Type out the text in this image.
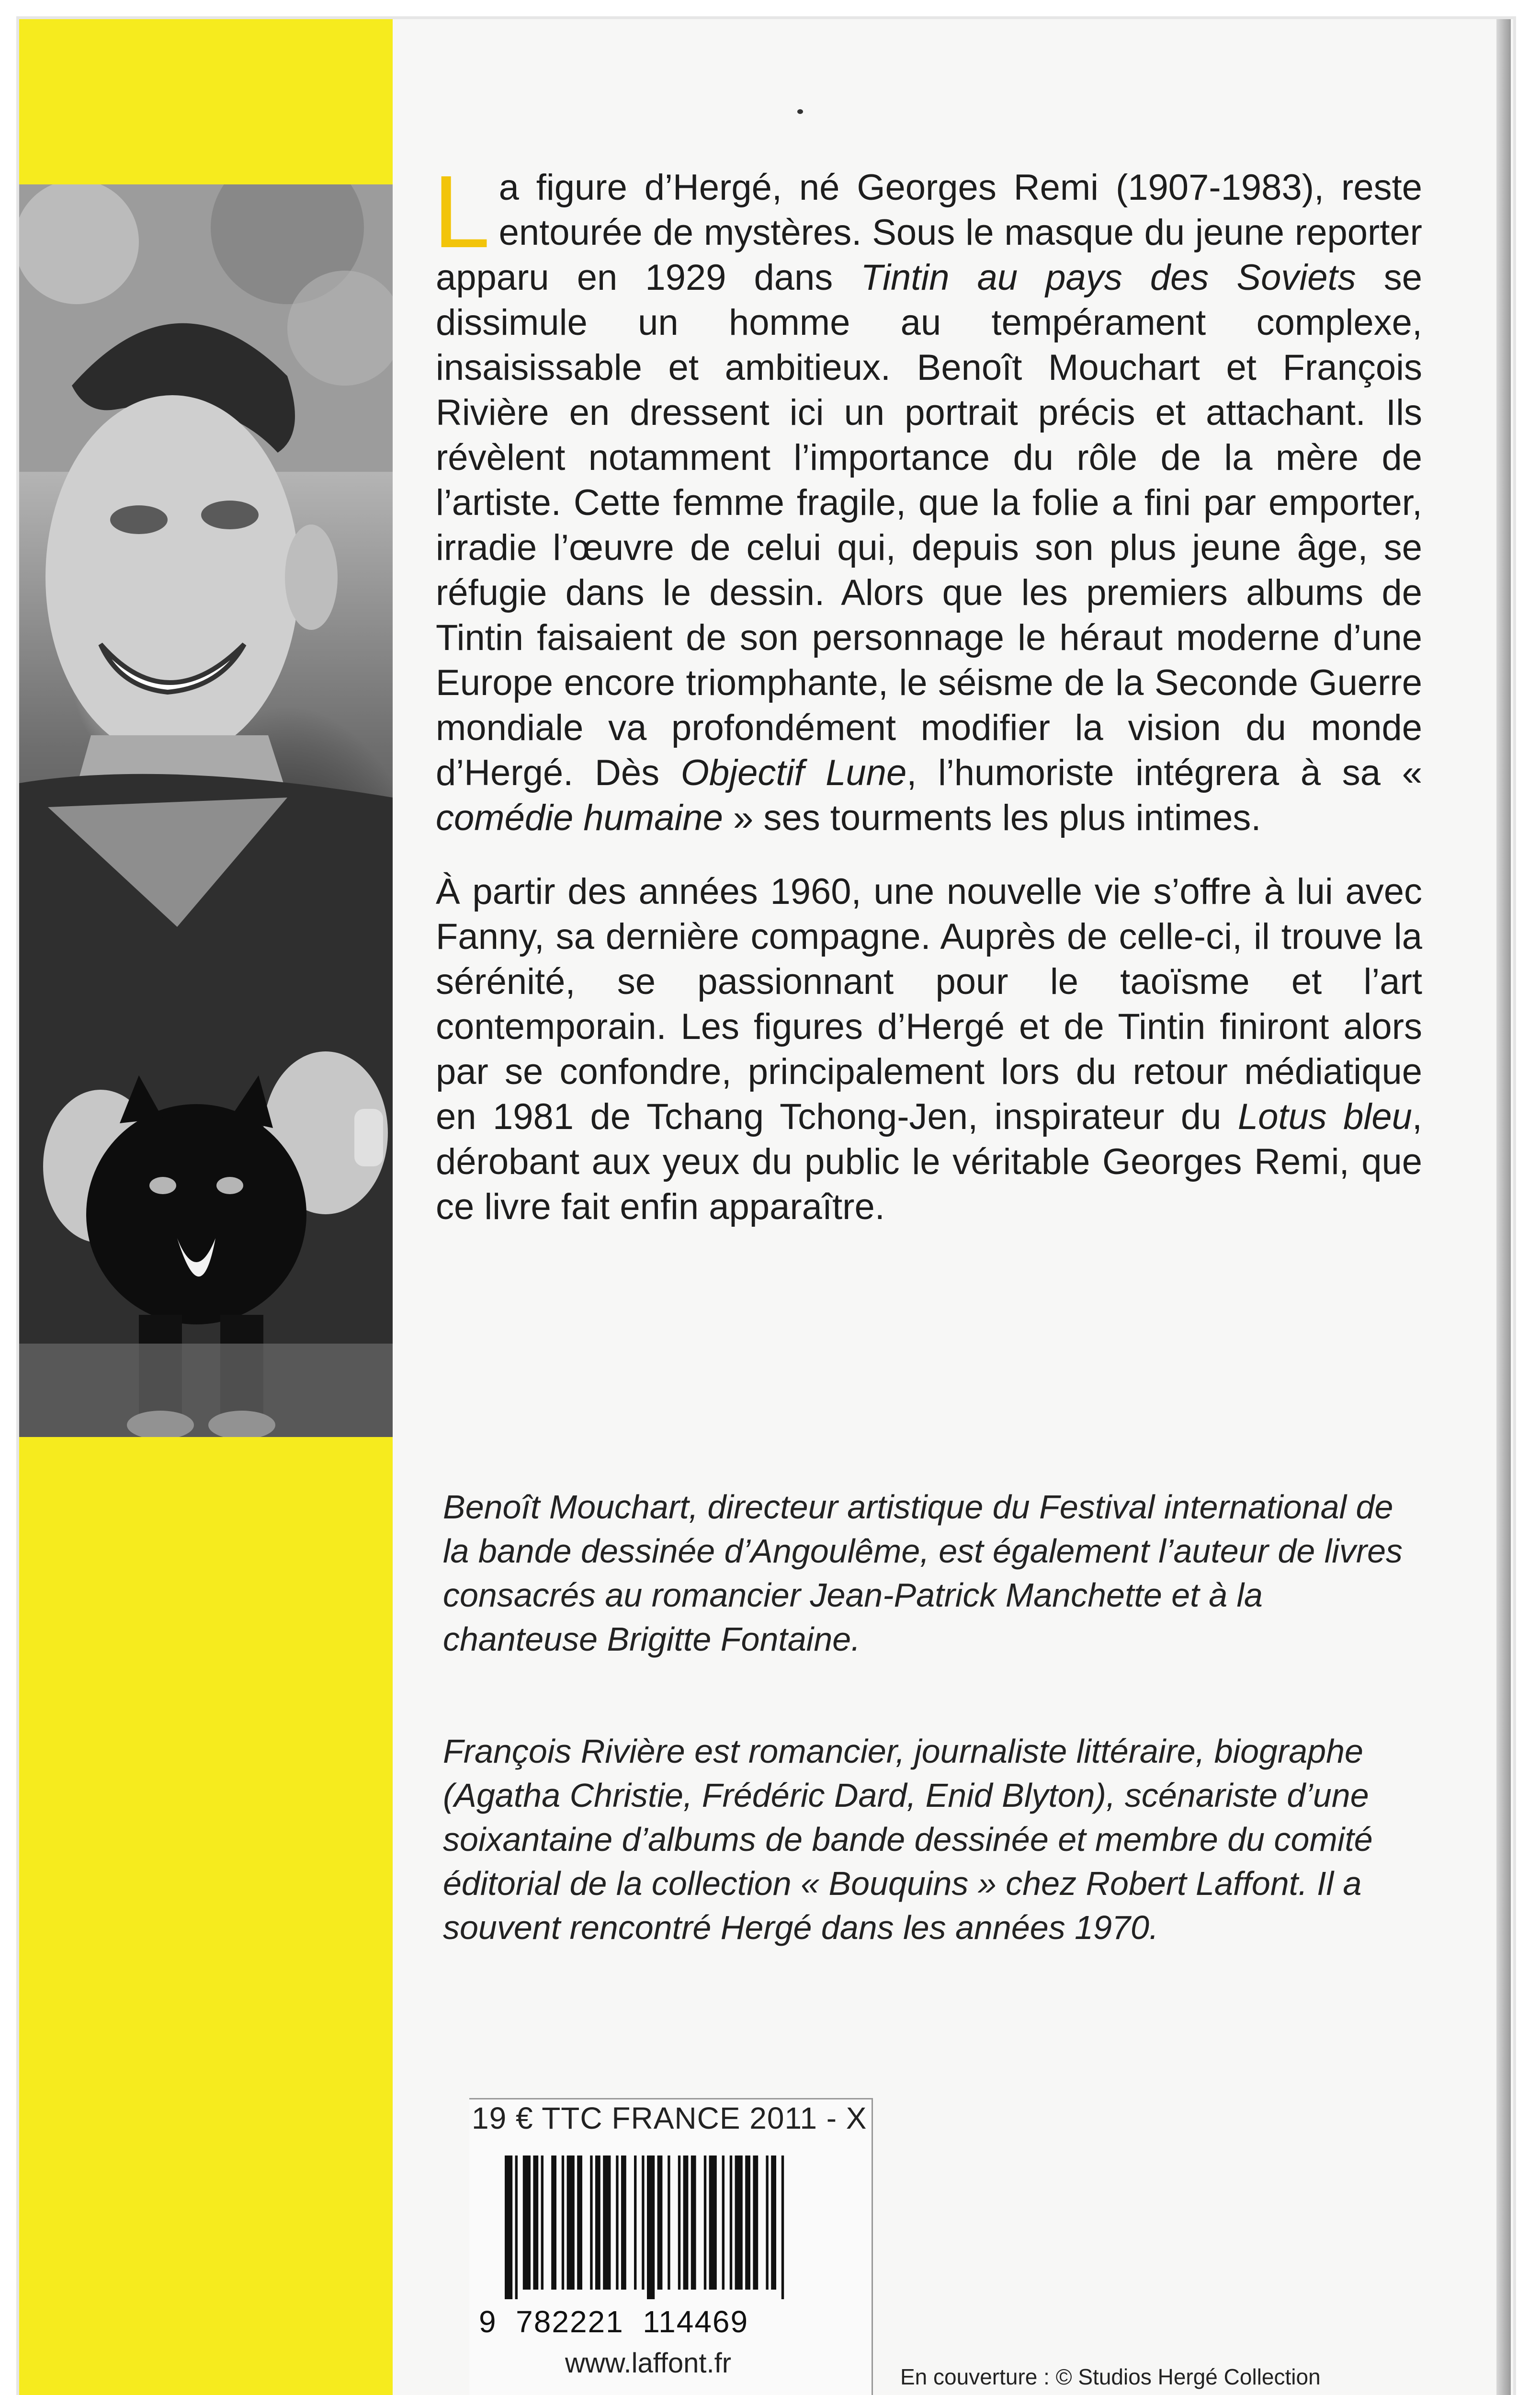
L a figure d’Hergé, né Georges Remi (1907-1983), reste entourée de mystères. Sous le masque du jeune reporter apparu en 1929 dans Tintin au pays des Soviets se dissimule un homme au tempérament complexe, insaisissable et ambitieux. Benoît Mouchart et François Rivière en dressent ici un portrait précis et attachant. Ils révèlent notamment l’importance du rôle de la mère de l’artiste. Cette femme fragile, que la folie a fini par emporter, irradie l’œuvre de celui qui, depuis son plus jeune âge, se réfugie dans le dessin. Alors que les premiers albums de Tintin faisaient de son personnage le héraut moderne d’une Europe encore triomphante, le séisme de la Seconde Guerre mondiale va profondément modifier la vision du monde d’Hergé. Dès Objectif Lune, l’humoriste intégrera à sa « comédie humaine » ses tourments les plus intimes.

À partir des années 1960, une nouvelle vie s’offre à lui avec Fanny, sa dernière compagne. Auprès de celle-ci, il trouve la sérénité, se passionnant pour le taoïsme et l’art contemporain. Les figures d’Hergé et de Tintin finiront alors par se confondre, principalement lors du retour médiatique en 1981 de Tchang Tchong-Jen, inspirateur du Lotus bleu, dérobant aux yeux du public le véritable Georges Remi, que ce livre fait enfin apparaître.

Benoît Mouchart, directeur artistique du Festival international de la bande dessinée d’Angoulême, est également l’auteur de livres consacrés au romancier Jean-Patrick Manchette et à la chanteuse Brigitte Fontaine.
François Rivière est romancier, journaliste littéraire, biographe (Agatha Christie, Frédéric Dard, Enid Blyton), scénariste d’une soixantaine d’albums de bande dessinée et membre du comité éditorial de la collection « Bouquins » chez Robert Laffont. Il a souvent rencontré Hergé dans les années 1970.
19 € TTC FRANCE 2011 - X
9 782221 114469
www.laffont.fr	En couverture : © Studios Hergé Collection
